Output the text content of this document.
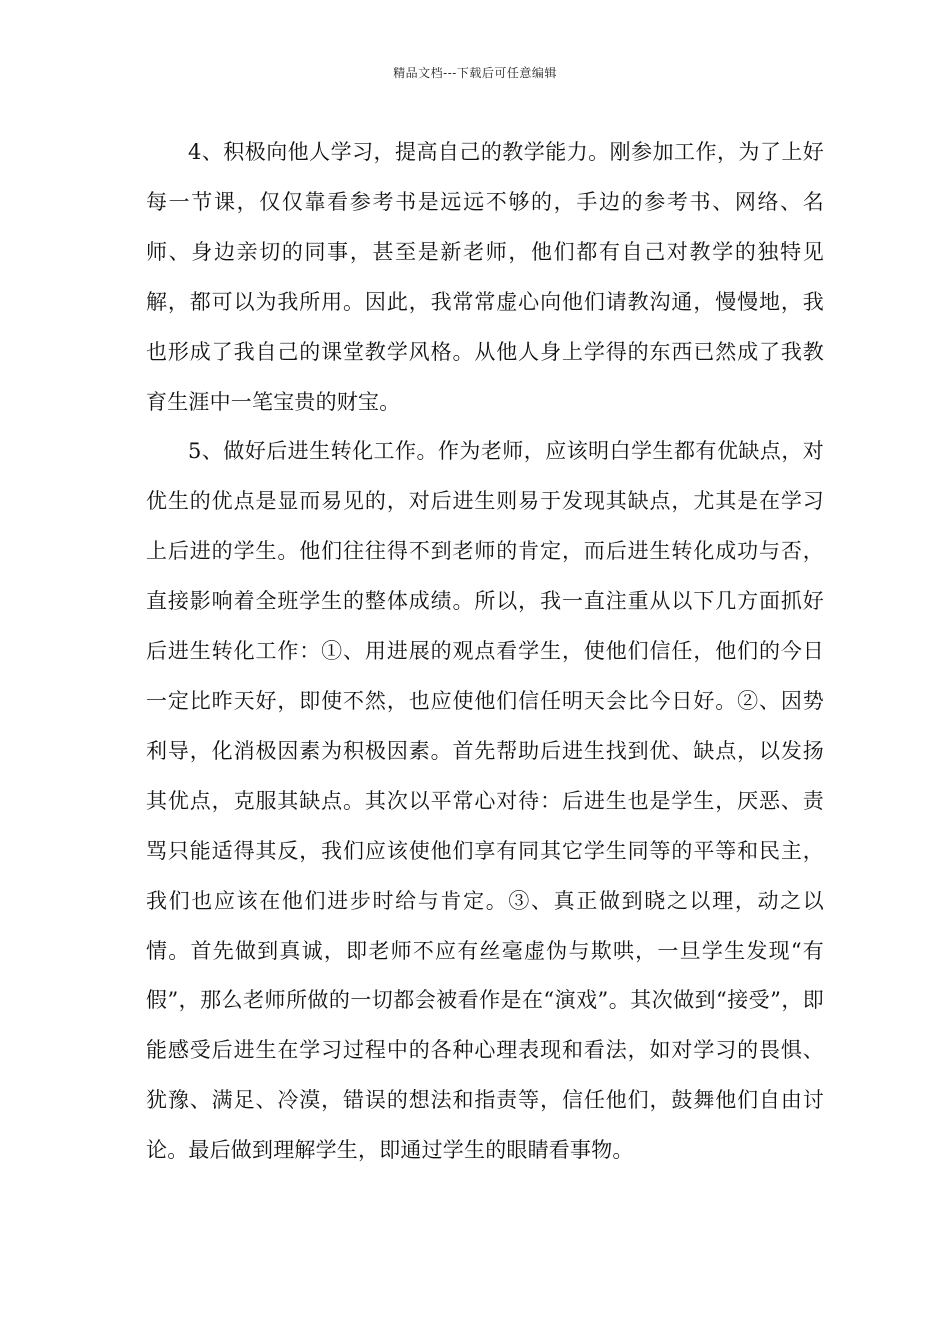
精品文档---下载后可任意编辑

4、积极向他人学习，提高自己的教学能力。刚参加工作，为了上好每一节课，仅仅靠看参考书是远远不够的，手边的参考书、网络、名 师、身边亲切的同事，甚至是新老师，他们都有自己对教学的独特见解，都可以为我所用。因此，我常常虚心向他们请教沟通，慢慢地，我也形成了我自己的课堂教学风格。从他人身上学得的东西已然成了我教育生涯中一笔宝贵的财宝。

5、做好后进生转化工作。作为老师，应该明白学生都有优缺点，对优生的优点是显而易见的，对后进生则易于发现其缺点，尤其是在学习上后进的学生。他们往往得不到老师的肯定，而后进生转化成功与否，直接影响着全班学生的整体成绩。所以，我一直注重从以下几方面抓好后进生转化工作：①、用进展的观点看学生，使他们信任，他们的今日一定比昨天好，即使不然，也应使他们信任明天会比今日好。②、因势利导，化消极因素为积极因素。首先帮助后进生找到优、缺点，以发扬其优点，克服其缺点。其次以平常心对待：后进生也是学生，厌恶、责骂只能适得其反，我们应该使他们享有同其它学生同等的平等和民主，我们也应该在他们进步时给与肯定。③、真正做到晓之以理，动之以情。首先做到真诚，即老师不应有丝毫虚伪与欺哄，一旦学生发现“有假”，那么老师所做的一切都会被看作是在“演戏”。其次做到“接受”，即能感受后进生在学习过程中的各种心理表现和看法，如对学习的畏惧、犹豫、满足、冷漠，错误的想法和指责等，信任他们，鼓舞他们自由讨论。最后做到理解学生，即通过学生的眼睛看事物。
